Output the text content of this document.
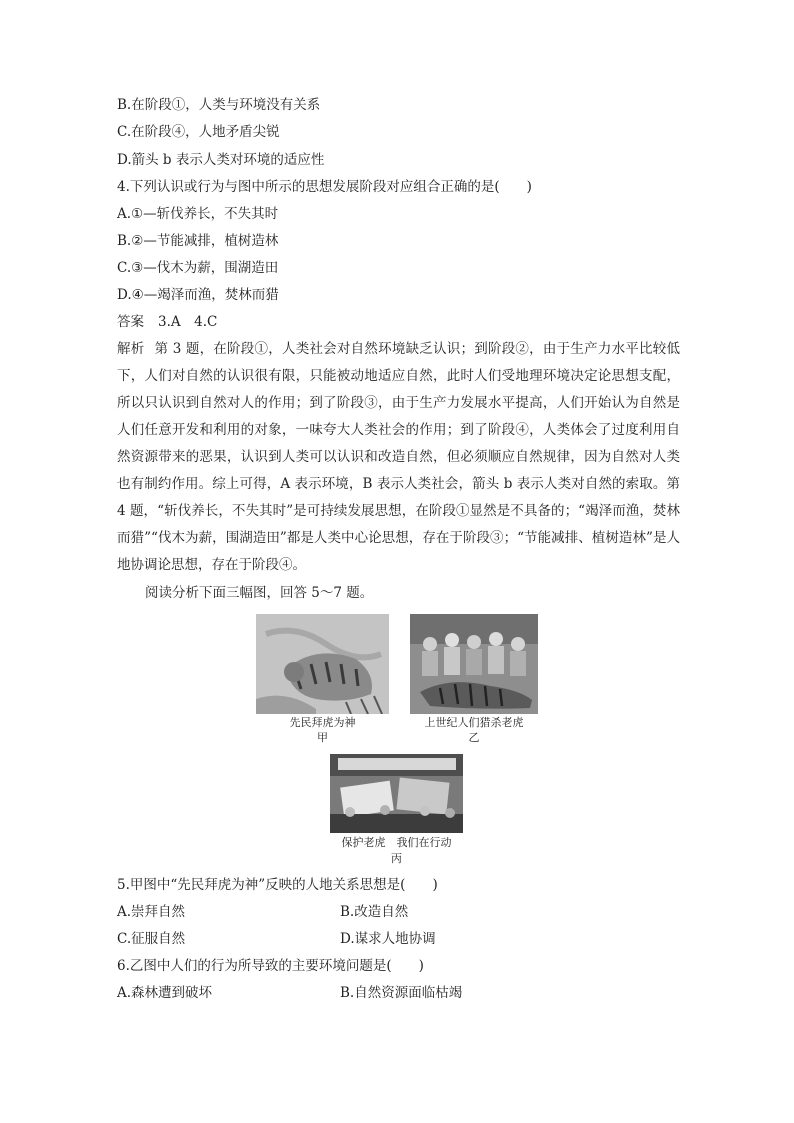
B.在阶段①，人类与环境没有关系
C.在阶段④，人地矛盾尖锐
D.箭头 b 表示人类对环境的适应性
4.下列认识或行为与图中所示的思想发展阶段对应组合正确的是(　　)
A.①—斩伐养长，不失其时
B.②—节能减排，植树造林
C.③—伐木为薪，围湖造田
D.④—竭泽而渔，焚林而猎
答案 3.A　4.C
解析 第 3 题，在阶段①，人类社会对自然环境缺乏认识；到阶段②，由于生产力水平比较低下，人们对自然的认识很有限，只能被动地适应自然，此时人们受地理环境决定论思想支配，所以只认识到自然对人的作用；到了阶段③，由于生产力发展水平提高，人们开始认为自然是人们任意开发和利用的对象，一味夸大人类社会的作用；到了阶段④，人类体会了过度利用自然资源带来的恶果，认识到人类可以认识和改造自然，但必须顺应自然规律，因为自然对人类也有制约作用。综上可得，A 表示环境，B 表示人类社会，箭头 b 表示人类对自然的索取。第 4 题，“斩伐养长，不失其时”是可持续发展思想，在阶段①显然是不具备的；“竭泽而渔，焚林而猎”“伐木为薪，围湖造田”都是人类中心论思想，存在于阶段③；“节能减排、植树造林”是人地协调论思想，存在于阶段④。
阅读分析下面三幅图，回答 5～7 题。
先民拜虎为神
甲
上世纪人们猎杀老虎
乙
保护老虎　我们在行动
丙
5.甲图中“先民拜虎为神”反映的人地关系思想是(　　)
A.崇拜自然	B.改造自然
C.征服自然	D.谋求人地协调
6.乙图中人们的行为所导致的主要环境问题是(　　)
A.森林遭到破坏	B.自然资源面临枯竭
